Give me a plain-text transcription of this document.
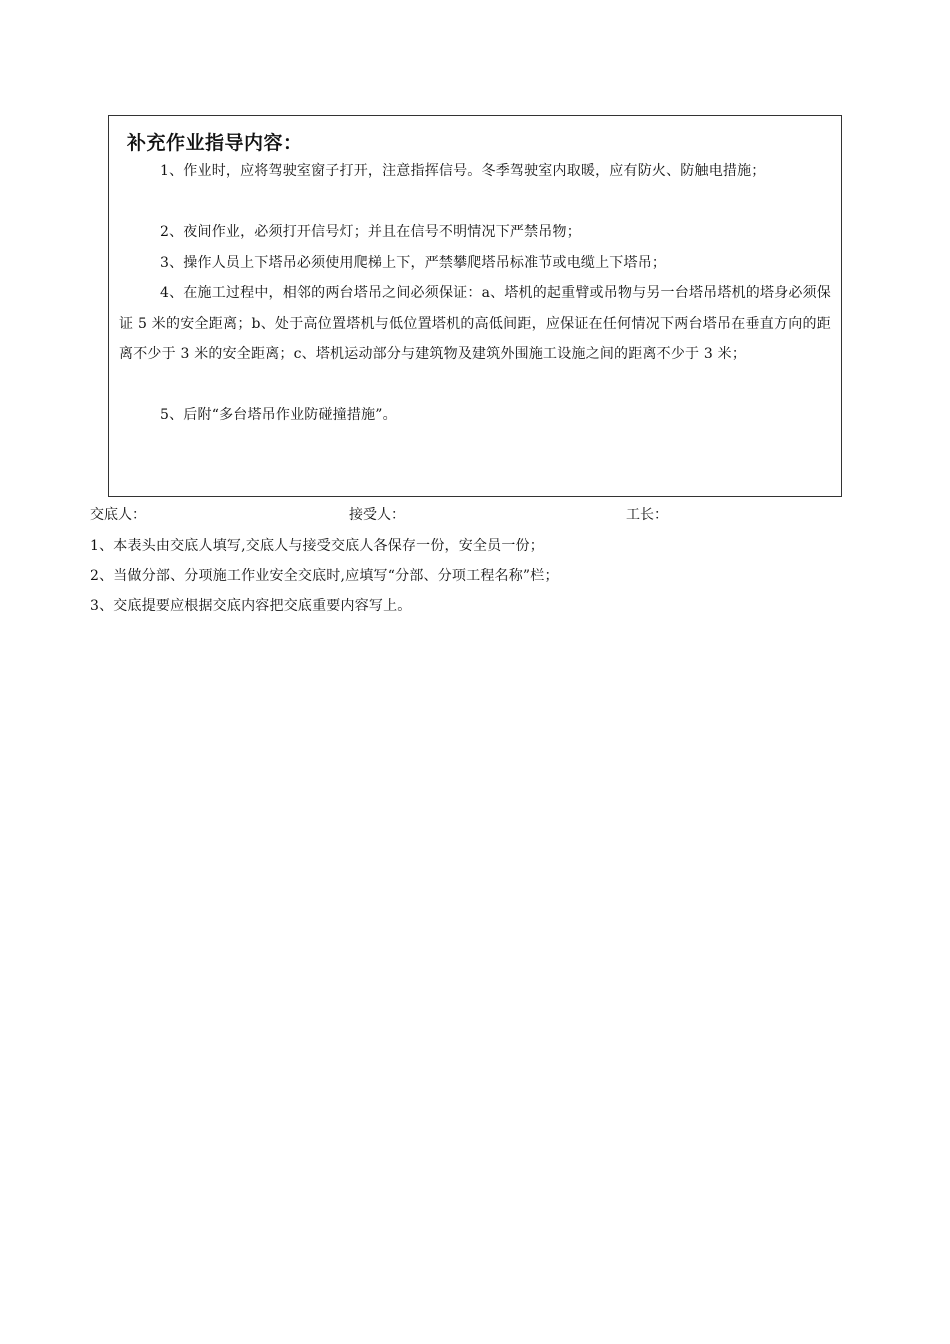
补充作业指导内容：
1、作业时，应将驾驶室窗子打开，注意指挥信号。冬季驾驶室内取暖，应有防火、防触电措施；
2、夜间作业，必须打开信号灯；并且在信号不明情况下严禁吊物；
3、操作人员上下塔吊必须使用爬梯上下，严禁攀爬塔吊标准节或电缆上下塔吊；
4、在施工过程中，相邻的两台塔吊之间必须保证：a、塔机的起重臂或吊物与另一台塔吊塔机的塔身必须保证 5 米的安全距离；b、处于高位置塔机与低位置塔机的高低间距，应保证在任何情况下两台塔吊在垂直方向的距离不少于 3 米的安全距离；c、塔机运动部分与建筑物及建筑外围施工设施之间的距离不少于 3 米；
5、后附“多台塔吊作业防碰撞措施”。
交底人：	接受人：	工长：
1、本表头由交底人填写,交底人与接受交底人各保存一份，安全员一份；
2、当做分部、分项施工作业安全交底时,应填写“分部、分项工程名称”栏；
3、交底提要应根据交底内容把交底重要内容写上。
